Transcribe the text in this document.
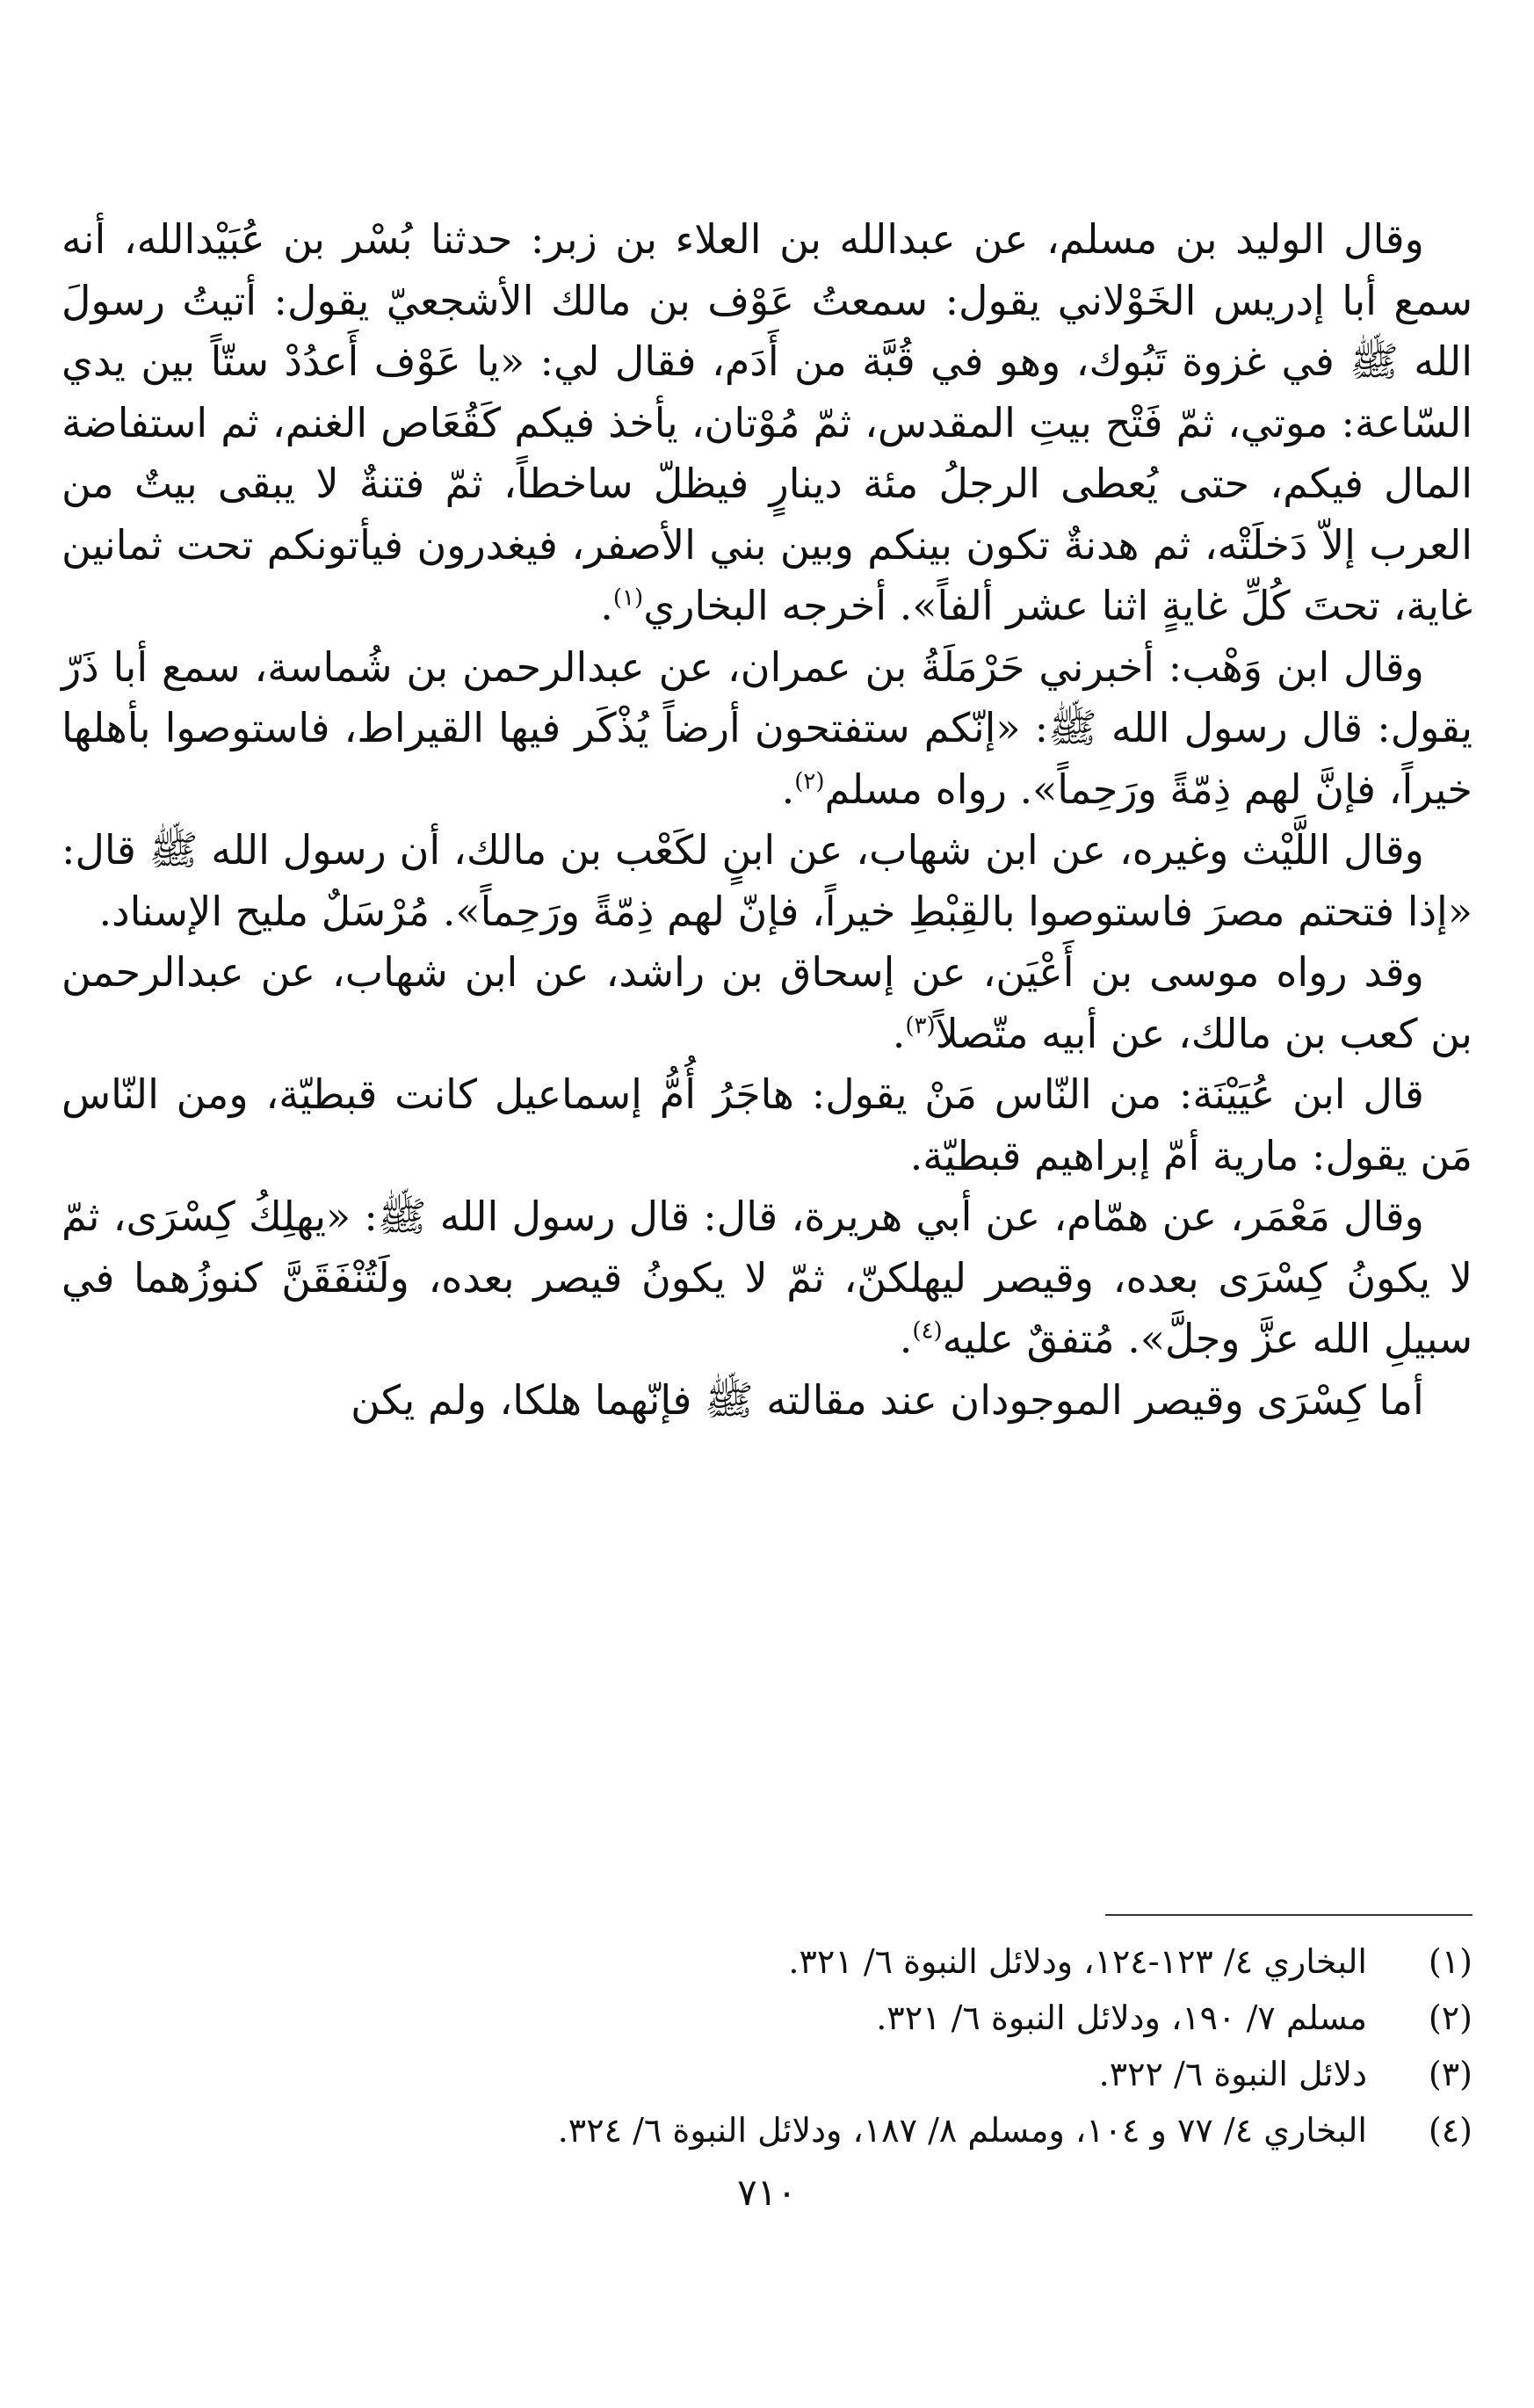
وقال الوليد بن مسلم، عن عبدالله بن العلاء بن زبر: حدثنا بُسْر بن عُبَيْدالله، أنه سمع أبا إدريس الخَوْلاني يقول: سمعتُ عَوْف بن مالك الأشجعيّ يقول: أتيتُ رسولَ الله ﷺ في غزوة تَبُوك، وهو في قُبَّة من أَدَم، فقال لي: «يا عَوْف أَعدُدْ ستّاً بين يدي السّاعة: موتي، ثمّ فَتْح بيتِ المقدس، ثمّ مُوْتان، يأخذ فيكم كَقُعَاص الغنم، ثم استفاضة المال فيكم، حتى يُعطى الرجلُ مئة دينارٍ فيظلّ ساخطاً، ثمّ فتنةٌ لا يبقى بيتٌ من العرب إلاّ دَخلَتْه، ثم هدنةٌ تكون بينكم وبين بني الأصفر، فيغدرون فيأتونكم تحت ثمانين غاية، تحتَ كُلِّ غايةٍ اثنا عشر ألفاً». أخرجه البخاري$^{(١)}$.

وقال ابن وَهْب: أخبرني حَرْمَلَةُ بن عمران، عن عبدالرحمن بن شُماسة، سمع أبا ذَرّ يقول: قال رسول الله ﷺ: «إنّكم ستفتحون أرضاً يُذْكَر فيها القيراط، فاستوصوا بأهلها خيراً، فإنَّ لهم ذِمّةً ورَحِماً». رواه مسلم$^{(٢)}$.

وقال اللَّيْث وغيره، عن ابن شهاب، عن ابنٍ لكَعْب بن مالك، أن رسول الله ﷺ قال: «إذا فتحتم مصرَ فاستوصوا بالقِبْطِ خيراً، فإنّ لهم ذِمّةً ورَحِماً». مُرْسَلٌ مليح الإسناد.

وقد رواه موسى بن أَعْيَن، عن إسحاق بن راشد، عن ابن شهاب، عن عبدالرحمن بن كعب بن مالك، عن أبيه متّصلاً$^{(٣)}$.

قال ابن عُيَيْنَة: من النّاس مَنْ يقول: هاجَرُ أُمُّ إسماعيل كانت قبطيّة، ومن النّاس مَن يقول: مارية أمّ إبراهيم قبطيّة.

وقال مَعْمَر، عن همّام، عن أبي هريرة، قال: قال رسول الله ﷺ: «يهلِكُ كِسْرَى، ثمّ لا يكونُ كِسْرَى بعده، وقيصر ليهلكنّ، ثمّ لا يكونُ قيصر بعده، ولَتُنْفَقَنَّ كنوزُهما في سبيلِ الله عزَّ وجلَّ». مُتفقٌ عليه$^{(٤)}$.

أما كِسْرَى وقيصر الموجودان عند مقالته ﷺ فإنّهما هلكا، ولم يكن

(١)
البخاري ٤/ ١٢٣-١٢٤، ودلائل النبوة ٦/ ٣٢١.
(٢)
مسلم ٧/ ١٩٠، ودلائل النبوة ٦/ ٣٢١.
(٣)
دلائل النبوة ٦/ ٣٢٢.
(٤)
البخاري ٤/ ٧٧ و ١٠٤، ومسلم ٨/ ١٨٧، ودلائل النبوة ٦/ ٣٢٤.
٧١٠
